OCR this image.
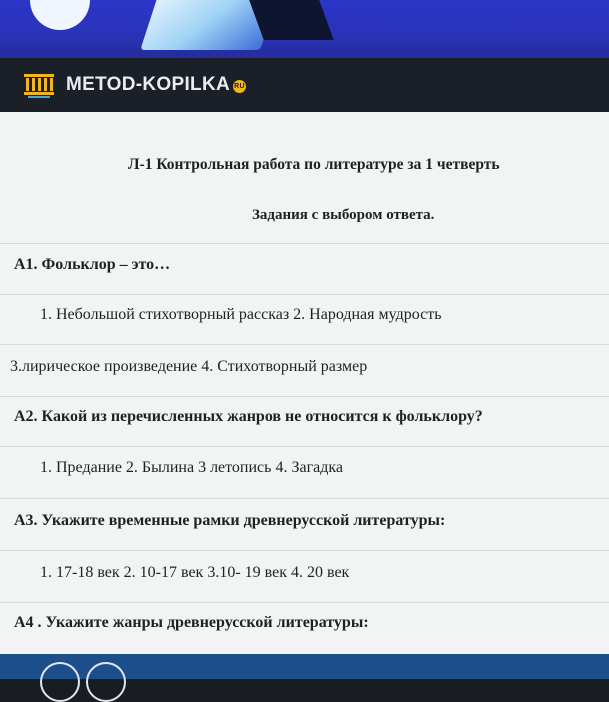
METOD-KOPILKA RU
Л-1 Контрольная работа по литературе за 1 четверть
Задания с выбором ответа.
А1. Фольклор – это…
1. Небольшой стихотворный рассказ 2. Народная мудрость
3.лирическое произведение 4. Стихотворный размер
А2. Какой из перечисленных жанров не относится к фольклору?
1. Предание 2. Былина 3 летопись 4. Загадка
А3. Укажите временные рамки древнерусской литературы:
1. 17-18 век 2. 10-17 век 3.10- 19 век 4. 20 век
А4 . Укажите жанры древнерусской литературы:
